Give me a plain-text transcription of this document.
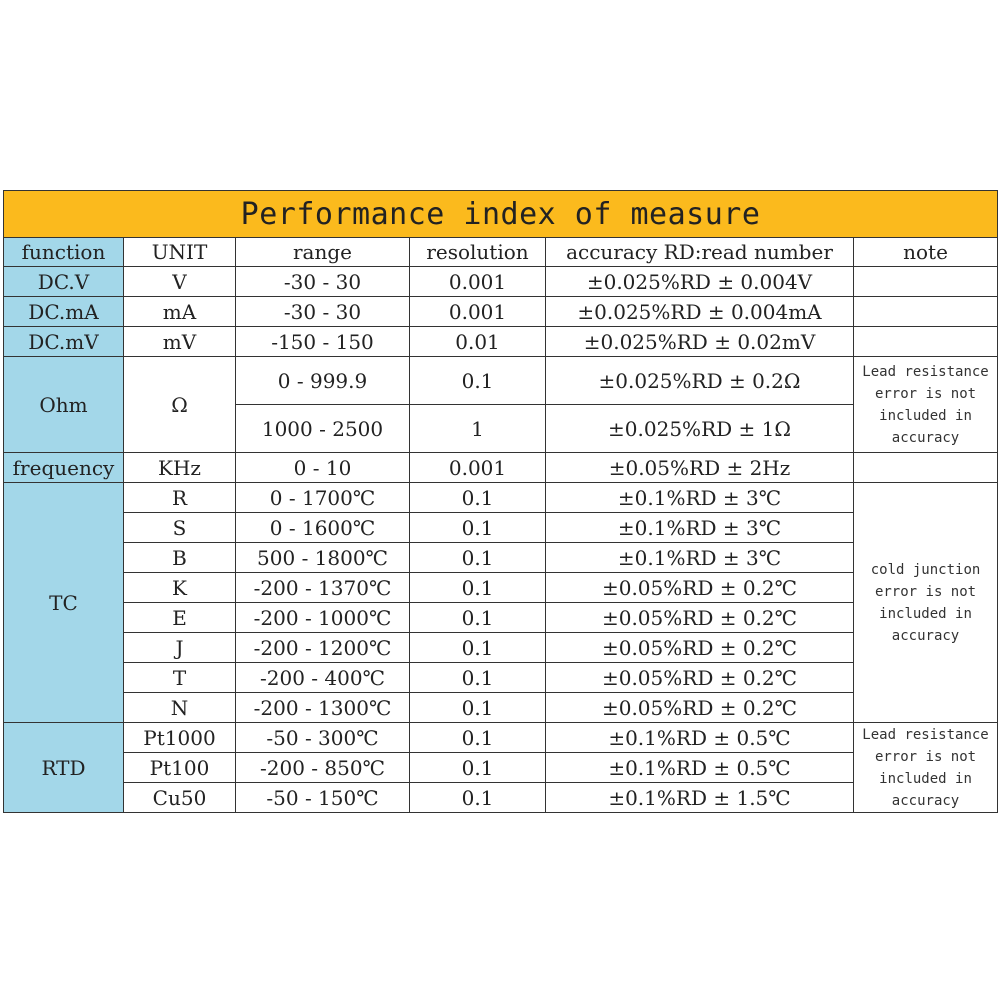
Performance index of measure					
function	UNIT	range	resolution	accuracy RD:read number	note
DC.V	V	-30 - 30	0.001	±0.025%RD ± 0.004V	
DC.mA	mA	-30 - 30	0.001	±0.025%RD ± 0.004mA	
DC.mV	mV	-150 - 150	0.01	±0.025%RD ± 0.02mV	
Ohm	Ω	0 - 999.9	0.1	±0.025%RD ± 0.2Ω	Lead resistance error is not included in accuracy
		1000 - 2500	1	±0.025%RD ± 1Ω	
frequency	KHz	0 - 10	0.001	±0.05%RD ± 2Hz	
TC	R	0 - 1700℃	0.1	±0.1%RD ± 3℃	cold junction error is not included in accuracy
	S	0 - 1600℃	0.1	±0.1%RD ± 3℃	
	B	500 - 1800℃	0.1	±0.1%RD ± 3℃	
	K	-200 - 1370℃	0.1	±0.05%RD ± 0.2℃	
	E	-200 - 1000℃	0.1	±0.05%RD ± 0.2℃	
	J	-200 - 1200℃	0.1	±0.05%RD ± 0.2℃	
	T	-200 - 400℃	0.1	±0.05%RD ± 0.2℃	
	N	-200 - 1300℃	0.1	±0.05%RD ± 0.2℃	
RTD	Pt1000	-50 - 300℃	0.1	±0.1%RD ± 0.5℃	Lead resistance error is not included in accuracy
	Pt100	-200 - 850℃	0.1	±0.1%RD ± 0.5℃	
	Cu50	-50 - 150℃	0.1	±0.1%RD ± 1.5℃	
